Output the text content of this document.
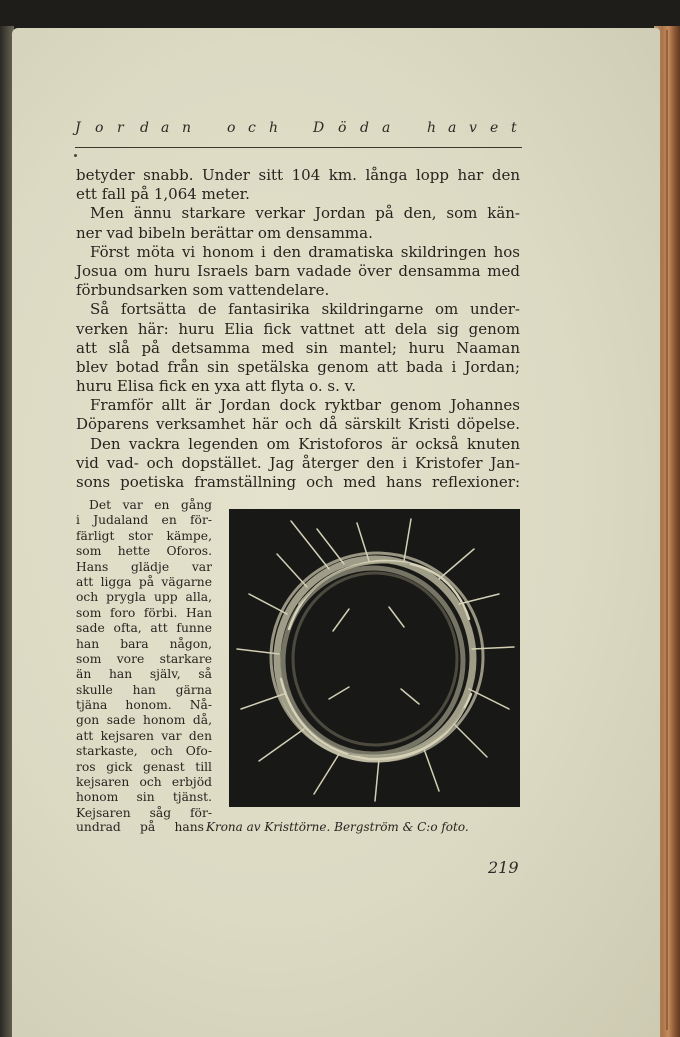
J o r d a n	o c h D ö d a	h a v e t
betyder snabb. Under sitt 104 km. långa lopp har den
ett fall på 1,064 meter.
Men ännu starkare verkar Jordan på den, som kän-
ner vad bibeln berättar om densamma.
Först möta vi honom i den dramatiska skildringen hos
Josua om huru Israels barn vadade över densamma med
förbundsarken som vattendelare.
Så fortsätta de fantasirika skildringarne om under-
verken här: huru Elia fick vattnet att dela sig genom
att slå på detsamma med sin mantel; huru Naaman
blev botad från sin spetälska genom att bada i Jordan;
huru Elisa fick en yxa att flyta o. s. v.
Framför allt är Jordan dock ryktbar genom Johannes
Döparens verksamhet här och då särskilt Kristi döpelse.
Den vackra legenden om Kristoforos är också knuten
vid vad- och dopstället. Jag återger den i Kristofer Jan-
sons poetiska framställning och med hans reflexioner:
Det var en gång
i Judaland en för-
färligt stor kämpe,
som hette Oforos.
Hans glädje var
att ligga på vägarne
och prygla upp alla,
som foro förbi. Han
sade ofta, att funne
han bara någon,
som vore starkare
än han själv, så
skulle han gärna
tjäna honom. Nå-
gon sade honom då,
att kejsaren var den
starkaste, och Ofo-
ros gick genast till
kejsaren och erbjöd
honom sin tjänst.
Kejsaren såg för-
undrad på hans Krona av Kristtörne. Bergström & C:o foto.
219
